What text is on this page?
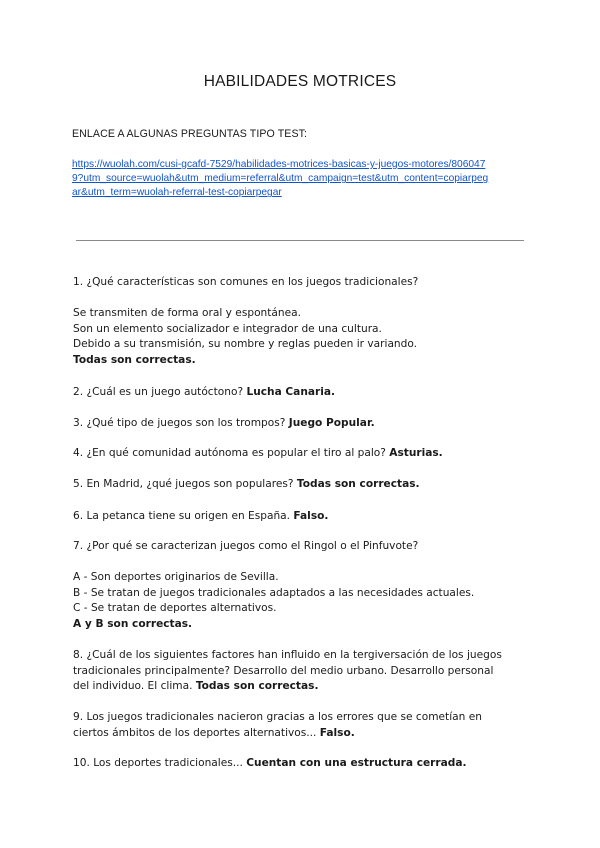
HABILIDADES MOTRICES
ENLACE A ALGUNAS PREGUNTAS TIPO TEST:
https://wuolah.com/cusi-gcafd-7529/habilidades-motrices-basicas-y-juegos-motores/806047
9?utm_source=wuolah&utm_medium=referral&utm_campaign=test&utm_content=copiarpeg
ar&utm_term=wuolah-referral-test-copiarpegar

1. ¿Qué características son comunes en los juegos tradicionales?

Se transmiten de forma oral y espontánea.

Son un elemento socializador e integrador de una cultura.

Debido a su transmisión, su nombre y reglas pueden ir variando.

Todas son correctas.

2. ¿Cuál es un juego autóctono? Lucha Canaria.

3. ¿Qué tipo de juegos son los trompos? Juego Popular.

4. ¿En qué comunidad autónoma es popular el tiro al palo? Asturias.

5. En Madrid, ¿qué juegos son populares? Todas son correctas.

6. La petanca tiene su origen en España. Falso.

7. ¿Por qué se caracterizan juegos como el Ringol o el Pinfuvote?

A - Son deportes originarios de Sevilla.

B - Se tratan de juegos tradicionales adaptados a las necesidades actuales.

C - Se tratan de deportes alternativos.

A y B son correctas.

8. ¿Cuál de los siguientes factores han influido en la tergiversación de los juegos

tradicionales principalmente? Desarrollo del medio urbano. Desarrollo personal

del individuo. El clima. Todas son correctas.

9. Los juegos tradicionales nacieron gracias a los errores que se cometían en

ciertos ámbitos de los deportes alternativos... Falso.

10. Los deportes tradicionales... Cuentan con una estructura cerrada.
